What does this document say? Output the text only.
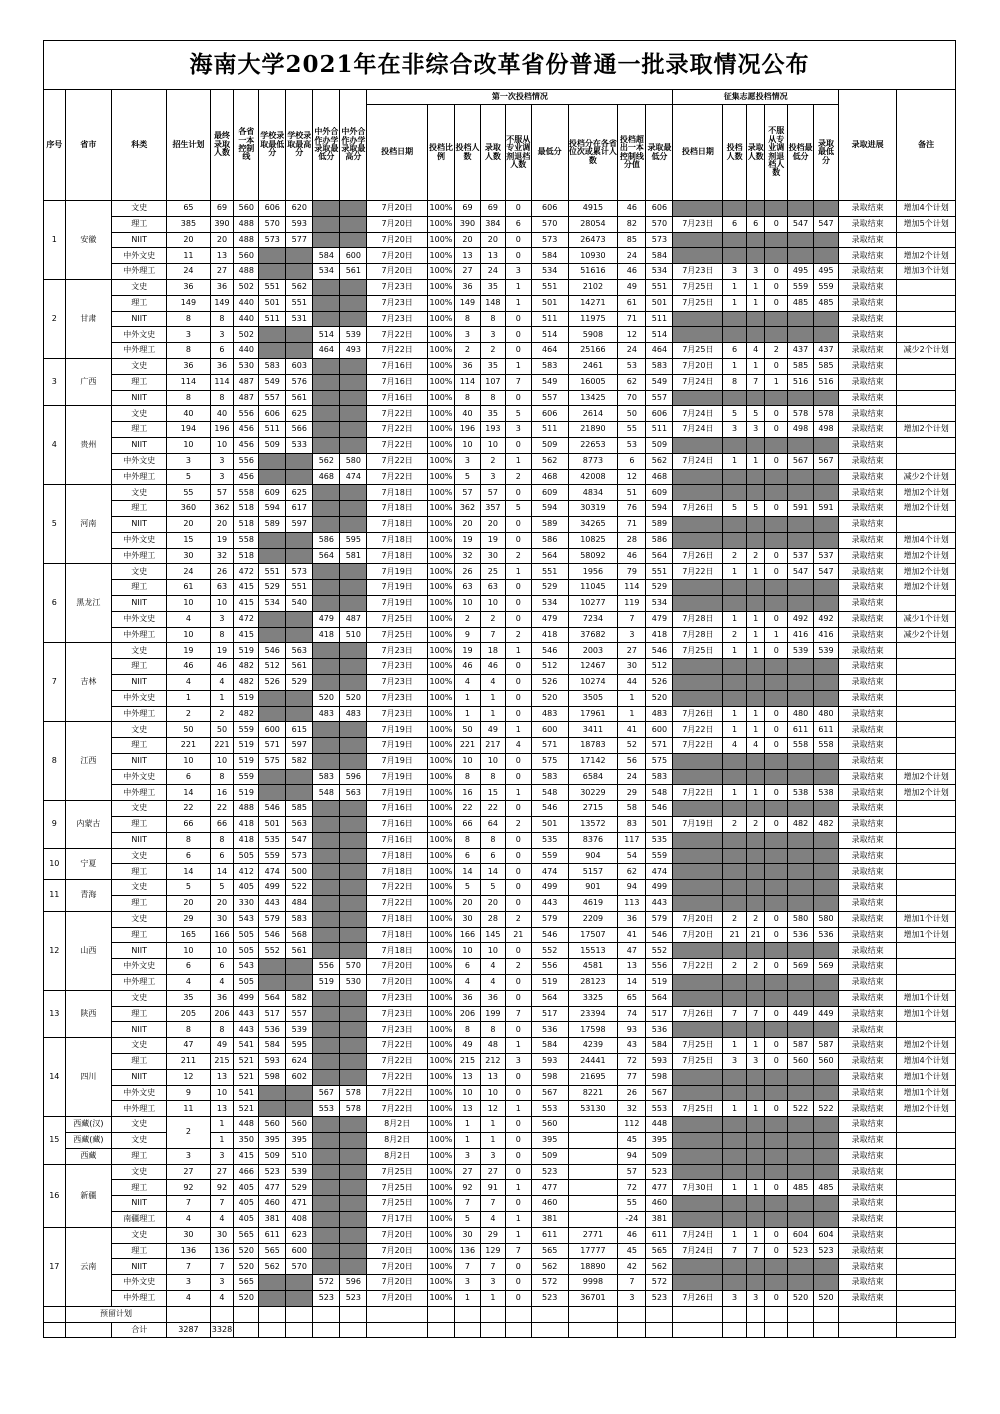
海南大学2021年在非综合改革省份普通一批录取情况公布																										
序号	省市	科类	招生计划	最终录取人数	各省一本控制线	学校录取最低分	学校录取最高分	中外合作办学录取最低分	中外合作办学录取最高分	第一次投档情况									征集志愿投档情况						录取进展	备注
										投档日期	投档比例	投档人数	录取人数	不服从专业调剂退档人数	最低分	投档分在各省位次或累计人数	投档超出一本控制线分值	录取最低分	投档日期	投档人数	录取人数	不服从专业调剂退档人数	投档最低分	录取最低分		
1	安徽	文史	65	69	560	606	620			7月20日	100%	69	69	0	606	4915	46	606							录取结束	增加4个计划
		理工	385	390	488	570	593			7月20日	100%	390	384	6	570	28054	82	570	7月23日	6	6	0	547	547	录取结束	增加5个计划
		NIIT	20	20	488	573	577			7月20日	100%	20	20	0	573	26473	85	573							录取结束	
		中外文史	11	13	560			584	600	7月20日	100%	13	13	0	584	10930	24	584							录取结束	增加2个计划
		中外理工	24	27	488			534	561	7月20日	100%	27	24	3	534	51616	46	534	7月23日	3	3	0	495	495	录取结束	增加3个计划
2	甘肃	文史	36	36	502	551	562			7月23日	100%	36	35	1	551	2102	49	551	7月25日	1	1	0	559	559	录取结束	
		理工	149	149	440	501	551			7月23日	100%	149	148	1	501	14271	61	501	7月25日	1	1	0	485	485	录取结束	
		NIIT	8	8	440	511	531			7月23日	100%	8	8	0	511	11975	71	511							录取结束	
		中外文史	3	3	502			514	539	7月22日	100%	3	3	0	514	5908	12	514							录取结束	
		中外理工	8	6	440			464	493	7月22日	100%	2	2	0	464	25166	24	464	7月25日	6	4	2	437	437	录取结束	减少2个计划
3	广西	文史	36	36	530	583	603			7月16日	100%	36	35	1	583	2461	53	583	7月20日	1	1	0	585	585	录取结束	
		理工	114	114	487	549	576			7月16日	100%	114	107	7	549	16005	62	549	7月24日	8	7	1	516	516	录取结束	
		NIIT	8	8	487	557	561			7月16日	100%	8	8	0	557	13425	70	557							录取结束	
4	贵州	文史	40	40	556	606	625			7月22日	100%	40	35	5	606	2614	50	606	7月24日	5	5	0	578	578	录取结束	
		理工	194	196	456	511	566			7月22日	100%	196	193	3	511	21890	55	511	7月24日	3	3	0	498	498	录取结束	增加2个计划
		NIIT	10	10	456	509	533			7月22日	100%	10	10	0	509	22653	53	509							录取结束	
		中外文史	3	3	556			562	580	7月22日	100%	3	2	1	562	8773	6	562	7月24日	1	1	0	567	567	录取结束	
		中外理工	5	3	456			468	474	7月22日	100%	5	3	2	468	42008	12	468							录取结束	减少2个计划
5	河南	文史	55	57	558	609	625			7月18日	100%	57	57	0	609	4834	51	609							录取结束	增加2个计划
		理工	360	362	518	594	617			7月18日	100%	362	357	5	594	30319	76	594	7月26日	5	5	0	591	591	录取结束	增加2个计划
		NIIT	20	20	518	589	597			7月18日	100%	20	20	0	589	34265	71	589							录取结束	
		中外文史	15	19	558			586	595	7月18日	100%	19	19	0	586	10825	28	586							录取结束	增加4个计划
		中外理工	30	32	518			564	581	7月18日	100%	32	30	2	564	58092	46	564	7月26日	2	2	0	537	537	录取结束	增加2个计划
6	黑龙江	文史	24	26	472	551	573			7月19日	100%	26	25	1	551	1956	79	551	7月22日	1	1	0	547	547	录取结束	增加2个计划
		理工	61	63	415	529	551			7月19日	100%	63	63	0	529	11045	114	529							录取结束	增加2个计划
		NIIT	10	10	415	534	540			7月19日	100%	10	10	0	534	10277	119	534							录取结束	
		中外文史	4	3	472			479	487	7月25日	100%	2	2	0	479	7234	7	479	7月28日	1	1	0	492	492	录取结束	减少1个计划
		中外理工	10	8	415			418	510	7月25日	100%	9	7	2	418	37682	3	418	7月28日	2	1	1	416	416	录取结束	减少2个计划
7	吉林	文史	19	19	519	546	563			7月23日	100%	19	18	1	546	2003	27	546	7月25日	1	1	0	539	539	录取结束	
		理工	46	46	482	512	561			7月23日	100%	46	46	0	512	12467	30	512							录取结束	
		NIIT	4	4	482	526	529			7月23日	100%	4	4	0	526	10274	44	526							录取结束	
		中外文史	1	1	519			520	520	7月23日	100%	1	1	0	520	3505	1	520							录取结束	
		中外理工	2	2	482			483	483	7月23日	100%	1	1	0	483	17961	1	483	7月26日	1	1	0	480	480	录取结束	
8	江西	文史	50	50	559	600	615			7月19日	100%	50	49	1	600	3411	41	600	7月22日	1	1	0	611	611	录取结束	
		理工	221	221	519	571	597			7月19日	100%	221	217	4	571	18783	52	571	7月22日	4	4	0	558	558	录取结束	
		NIIT	10	10	519	575	582			7月19日	100%	10	10	0	575	17142	56	575							录取结束	
		中外文史	6	8	559			583	596	7月19日	100%	8	8	0	583	6584	24	583							录取结束	增加2个计划
		中外理工	14	16	519			548	563	7月19日	100%	16	15	1	548	30229	29	548	7月22日	1	1	0	538	538	录取结束	增加2个计划
9	内蒙古	文史	22	22	488	546	585			7月16日	100%	22	22	0	546	2715	58	546							录取结束	
		理工	66	66	418	501	563			7月16日	100%	66	64	2	501	13572	83	501	7月19日	2	2	0	482	482	录取结束	
		NIIT	8	8	418	535	547			7月16日	100%	8	8	0	535	8376	117	535							录取结束	
10	宁夏	文史	6	6	505	559	573			7月18日	100%	6	6	0	559	904	54	559							录取结束	
		理工	14	14	412	474	500			7月18日	100%	14	14	0	474	5157	62	474							录取结束	
11	青海	文史	5	5	405	499	522			7月22日	100%	5	5	0	499	901	94	499							录取结束	
		理工	20	20	330	443	484			7月22日	100%	20	20	0	443	4619	113	443							录取结束	
12	山西	文史	29	30	543	579	583			7月18日	100%	30	28	2	579	2209	36	579	7月20日	2	2	0	580	580	录取结束	增加1个计划
		理工	165	166	505	546	568			7月18日	100%	166	145	21	546	17507	41	546	7月20日	21	21	0	536	536	录取结束	增加1个计划
		NIIT	10	10	505	552	561			7月18日	100%	10	10	0	552	15513	47	552							录取结束	
		中外文史	6	6	543			556	570	7月20日	100%	6	4	2	556	4581	13	556	7月22日	2	2	0	569	569	录取结束	
		中外理工	4	4	505			519	530	7月20日	100%	4	4	0	519	28123	14	519							录取结束	
13	陕西	文史	35	36	499	564	582			7月23日	100%	36	36	0	564	3325	65	564							录取结束	增加1个计划
		理工	205	206	443	517	557			7月23日	100%	206	199	7	517	23394	74	517	7月26日	7	7	0	449	449	录取结束	增加1个计划
		NIIT	8	8	443	536	539			7月23日	100%	8	8	0	536	17598	93	536							录取结束	
14	四川	文史	47	49	541	584	595			7月22日	100%	49	48	1	584	4239	43	584	7月25日	1	1	0	587	587	录取结束	增加2个计划
		理工	211	215	521	593	624			7月22日	100%	215	212	3	593	24441	72	593	7月25日	3	3	0	560	560	录取结束	增加4个计划
		NIIT	12	13	521	598	602			7月22日	100%	13	13	0	598	21695	77	598							录取结束	增加1个计划
		中外文史	9	10	541			567	578	7月22日	100%	10	10	0	567	8221	26	567							录取结束	增加1个计划
		中外理工	11	13	521			553	578	7月22日	100%	13	12	1	553	53130	32	553	7月25日	1	1	0	522	522	录取结束	增加2个计划
15	西藏(汉)	文史	2	1	448	560	560			8月2日	100%	1	1	0	560		112	448							录取结束	
	西藏(藏)	文史		1	350	395	395			8月2日	100%	1	1	0	395		45	395							录取结束	
	西藏	理工	3	3	415	509	510			8月2日	100%	3	3	0	509		94	509							录取结束	
16	新疆	文史	27	27	466	523	539			7月25日	100%	27	27	0	523		57	523							录取结束	
		理工	92	92	405	477	529			7月25日	100%	92	91	1	477		72	477	7月30日	1	1	0	485	485	录取结束	
		NIIT	7	7	405	460	471			7月25日	100%	7	7	0	460		55	460							录取结束	
		南疆理工	4	4	405	381	408			7月17日	100%	5	4	1	381		-24	381							录取结束	
17	云南	文史	30	30	565	611	623			7月20日	100%	30	29	1	611	2771	46	611	7月24日	1	1	0	604	604	录取结束	
		理工	136	136	520	565	600			7月20日	100%	136	129	7	565	17777	45	565	7月24日	7	7	0	523	523	录取结束	
		NIIT	7	7	520	562	570			7月20日	100%	7	7	0	562	18890	42	562							录取结束	
		中外文史	3	3	565			572	596	7月20日	100%	3	3	0	572	9998	7	572							录取结束	
		中外理工	4	4	520			523	523	7月20日	100%	1	1	0	523	36701	3	523	7月26日	3	3	0	520	520	录取结束	
	预留计划																									
		合计	3287	3328																						
